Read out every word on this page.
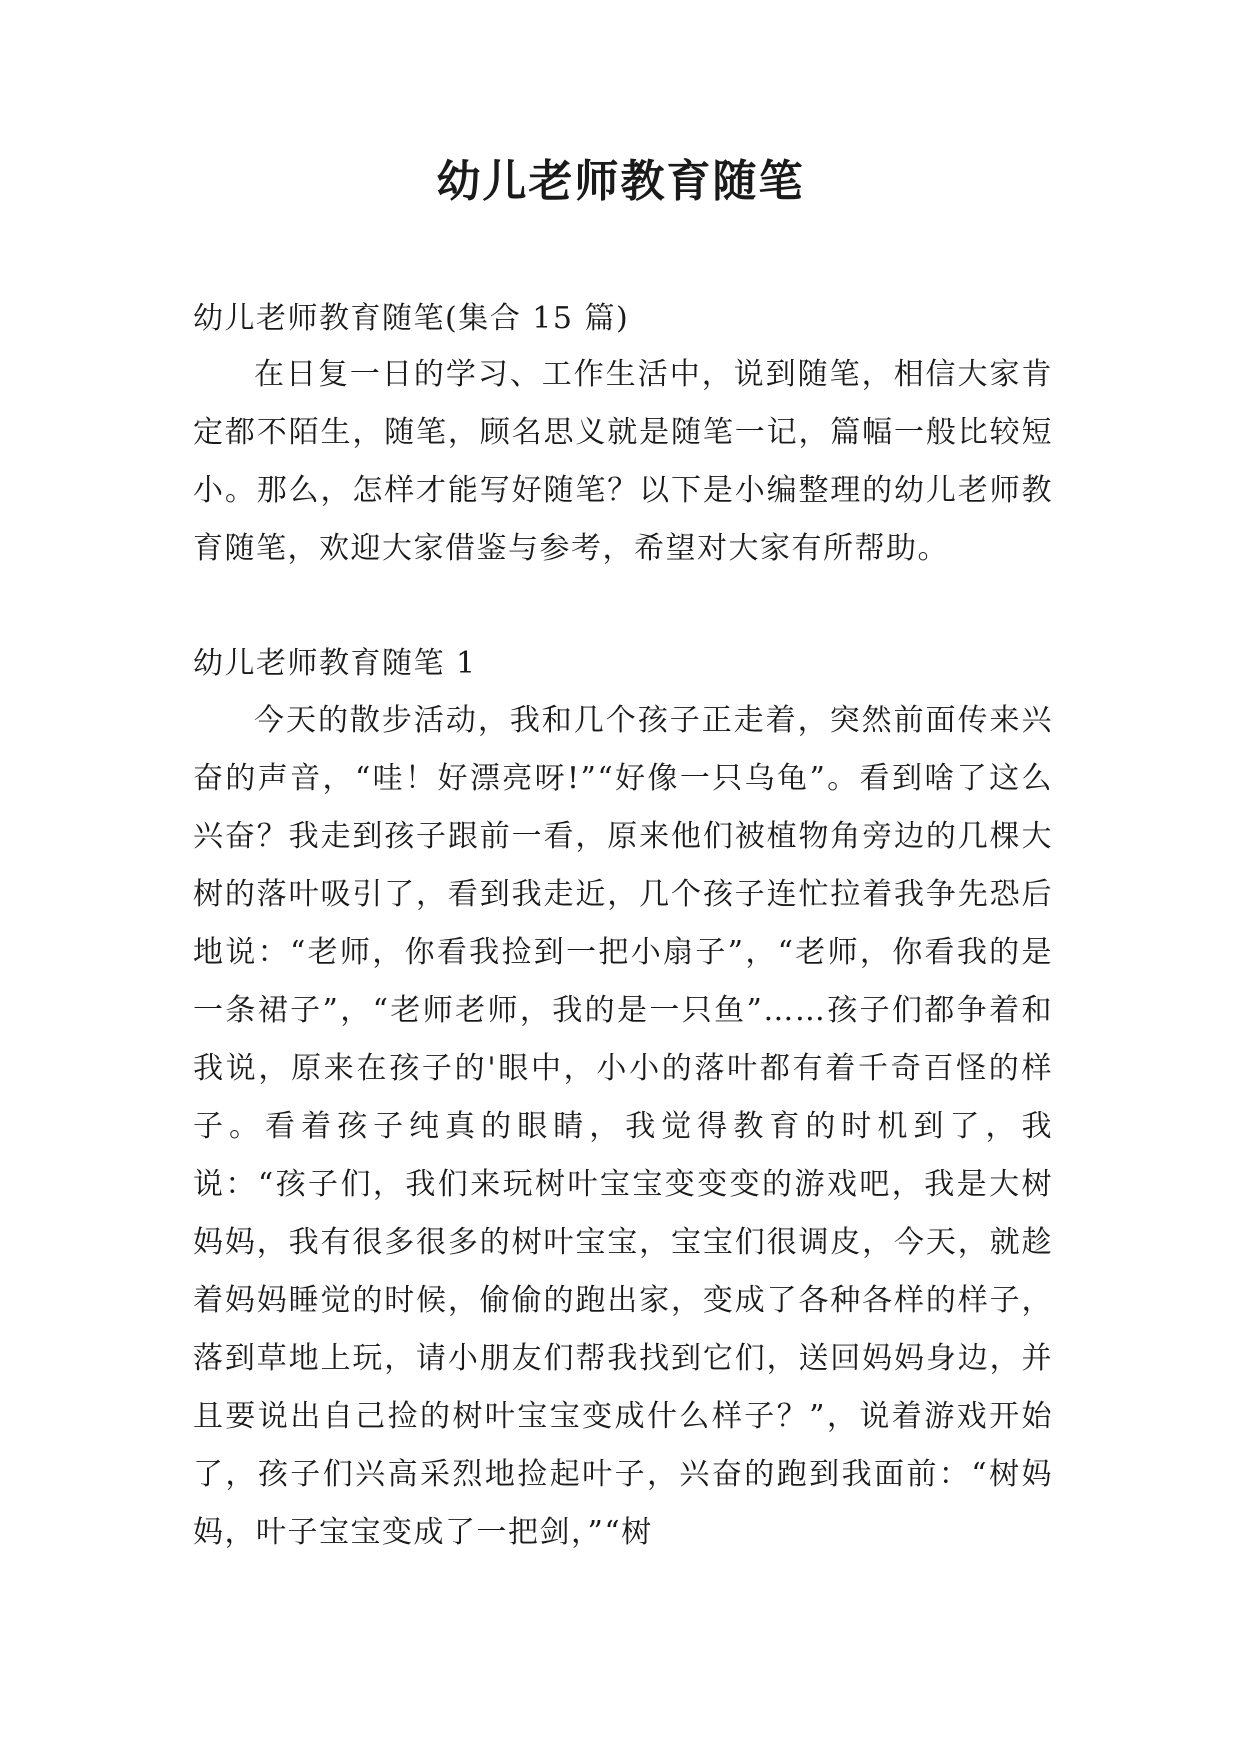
幼儿老师教育随笔

幼儿老师教育随笔(集合 15 篇)

在日复一日的学习、工作生活中，说到随笔，相信大家肯定都不陌生，随笔，顾名思义就是随笔一记，篇幅一般比较短小。那么，怎样才能写好随笔？以下是小编整理的幼儿老师教育随笔，欢迎大家借鉴与参考，希望对大家有所帮助。

幼儿老师教育随笔 1

今天的散步活动，我和几个孩子正走着，突然前面传来兴奋的声音，“哇！好漂亮呀!”“好像一只乌龟”。看到啥了这么兴奋？我走到孩子跟前一看，原来他们被植物角旁边的几棵大树的落叶吸引了，看到我走近，几个孩子连忙拉着我争先恐后地说：“老师，你看我捡到一把小扇子”，“老师，你看我的是一条裙子”，“老师老师，我的是一只鱼”……孩子们都争着和我说，原来在孩子的'眼中，小小的落叶都有着千奇百怪的样子。看着孩子纯真的眼睛，我觉得教育的时机到了，我说：“孩子们，我们来玩树叶宝宝变变变的游戏吧，我是大树妈妈，我有很多很多的树叶宝宝，宝宝们很调皮，今天，就趁着妈妈睡觉的时候，偷偷的跑出家，变成了各种各样的样子，落到草地上玩，请小朋友们帮我找到它们，送回妈妈身边，并且要说出自己捡的树叶宝宝变成什么样子？”，说着游戏开始了，孩子们兴高采烈地捡起叶子，兴奋的跑到我面前：“树妈妈，叶子宝宝变成了一把剑，”“树
